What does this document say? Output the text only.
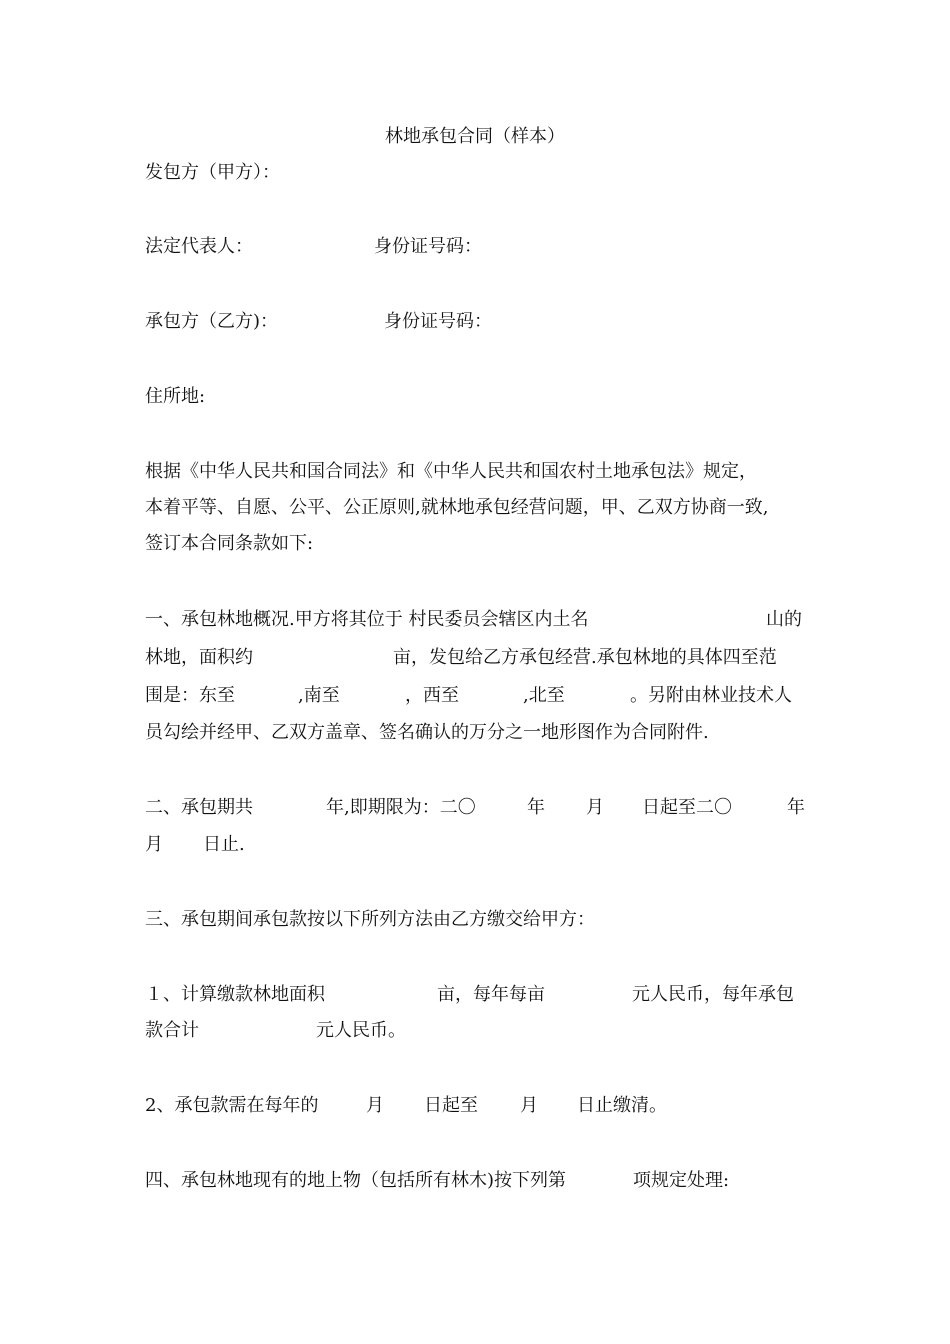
林地承包合同（样本）

发包方（甲方）：

法定代表人：	身份证号码：

承包方（乙方)：	身份证号码：

住所地:

根据《中华人民共和国合同法》和《中华人民共和国农村土地承包法》规定，

本着平等、自愿、公平、公正原则,就林地承包经营问题，甲、乙双方协商一致,

签订本合同条款如下:

一、承包林地概况.甲方将其位于 村民委员会辖区内土名	山的

林地，面积约	亩，发包给乙方承包经营.承包林地的具体四至范

围是：东至	,南至	，西至	,北至	。另附由林业技术人

员勾绘并经甲、乙双方盖章、签名确认的万分之一地形图作为合同附件.

二、承包期共	年,即期限为：二〇	年 月 日起至二〇	年

月 日止.

三、承包期间承包款按以下所列方法由乙方缴交给甲方：

１、计算缴款林地面积	亩，每年每亩	元人民币，每年承包

款合计	元人民币。

2、承包款需在每年的	月 日起至 月 日止缴清。

四、承包林地现有的地上物（包括所有林木)按下列第	项规定处理:
